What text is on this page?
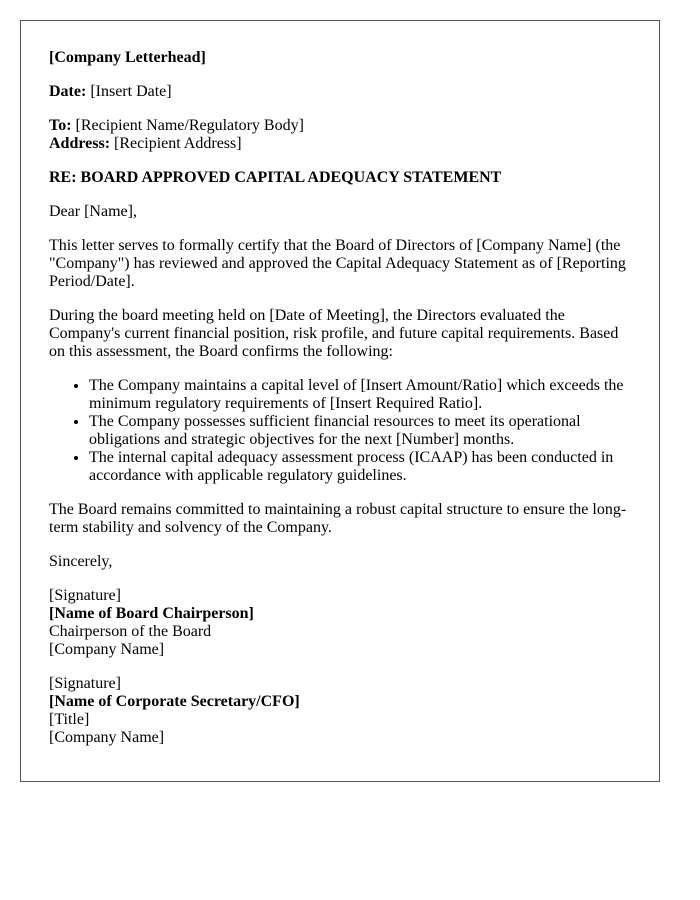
[Company Letterhead]

Date: [Insert Date]

To: [Recipient Name/Regulatory Body]

Address: [Recipient Address]

RE: BOARD APPROVED CAPITAL ADEQUACY STATEMENT

Dear [Name],

This letter serves to formally certify that the Board of Directors of [Company Name] (the "Company") has reviewed and approved the Capital Adequacy Statement as of [Reporting Period/Date].

During the board meeting held on [Date of Meeting], the Directors evaluated the Company's current financial position, risk profile, and future capital requirements. Based on this assessment, the Board confirms the following:

• The Company maintains a capital level of [Insert Amount/Ratio] which exceeds the minimum regulatory requirements of [Insert Required Ratio].
• The Company possesses sufficient financial resources to meet its operational obligations and strategic objectives for the next [Number] months.
• The internal capital adequacy assessment process (ICAAP) has been conducted in accordance with applicable regulatory guidelines.

The Board remains committed to maintaining a robust capital structure to ensure the long-term stability and solvency of the Company.

Sincerely,

[Signature]
[Name of Board Chairperson]
Chairperson of the Board
[Company Name]
[Signature]
[Name of Corporate Secretary/CFO]
[Title]
[Company Name]
